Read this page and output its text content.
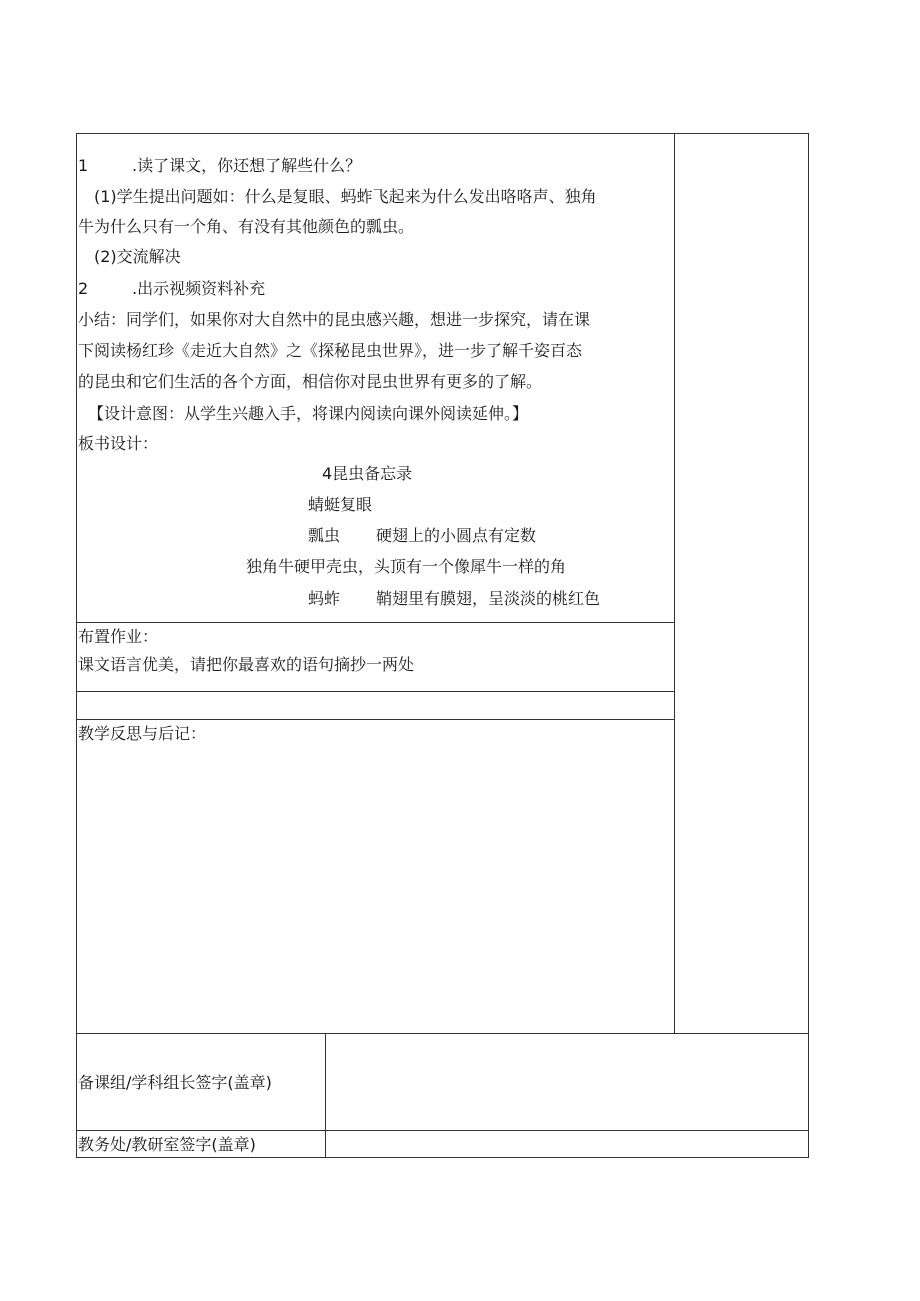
1	.读了课文，你还想了解些什么？
(1)学生提出问题如：什么是复眼、蚂蚱飞起来为什么发出咯咯声、独角
牛为什么只有一个角、有没有其他颜色的瓢虫。
(2)交流解决
2	.出示视频资料补充
小结：同学们，如果你对大自然中的昆虫感兴趣，想进一步探究，请在课
下阅读杨红珍《走近大自然》之《探秘昆虫世界》，进一步了解千姿百态
的昆虫和它们生活的各个方面，相信你对昆虫世界有更多的了解。
【设计意图：从学生兴趣入手，将课内阅读向课外阅读延伸。】
板书设计：
4昆虫备忘录
蜻蜓复眼
瓢虫 硬翅上的小圆点有定数
独角牛硬甲壳虫，头顶有一个像犀牛一样的角
蚂蚱 鞘翅里有膜翅，呈淡淡的桃红色
布置作业：
课文语言优美，请把你最喜欢的语句摘抄一两处
教学反思与后记：
备课组/学科组长签字(盖章)
教务处/教研室签字(盖章)
